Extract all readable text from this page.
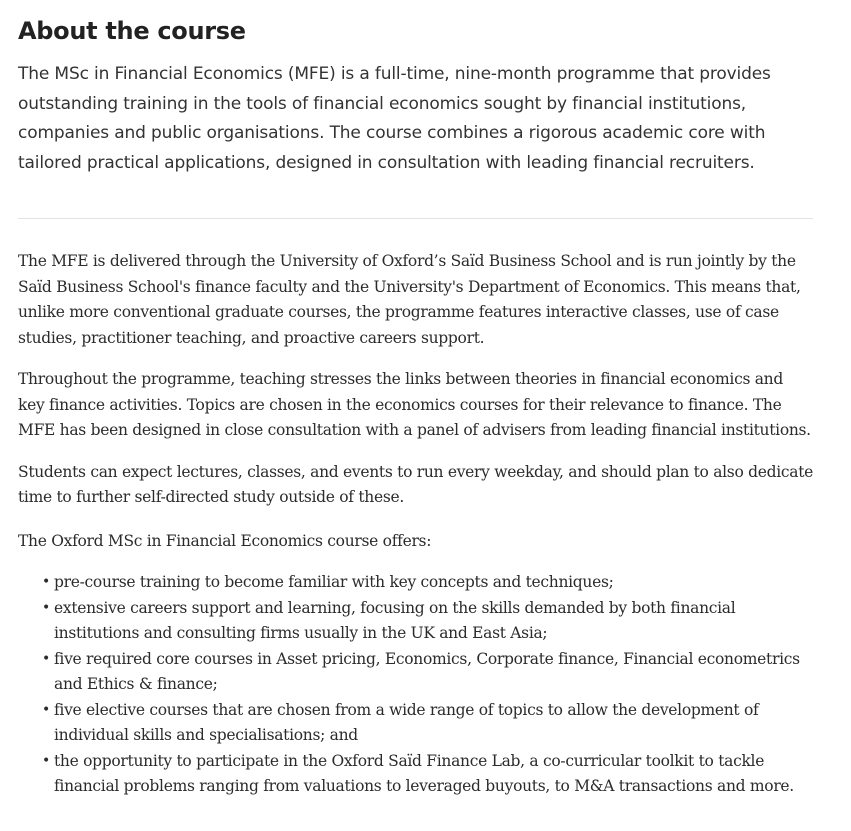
About the course

The MSc in Financial Economics (MFE) is a full-time, nine-month programme that provides outstanding training in the tools of financial economics sought by financial institutions, companies and public organisations. The course combines a rigorous academic core with tailored practical applications, designed in consultation with leading financial recruiters.

The MFE is delivered through the University of Oxford’s Saïd Business School and is run jointly by the Saïd Business School's finance faculty and the University's Department of Economics. This means that, unlike more conventional graduate courses, the programme features interactive classes, use of case studies, practitioner teaching, and proactive careers support.

Throughout the programme, teaching stresses the links between theories in financial economics and key finance activities. Topics are chosen in the economics courses for their relevance to finance. The MFE has been designed in close consultation with a panel of advisers from leading financial institutions.

Students can expect lectures, classes, and events to run every weekday, and should plan to also dedicate time to further self-directed study outside of these.

The Oxford MSc in Financial Economics course offers:

• pre-course training to become familiar with key concepts and techniques;
• extensive careers support and learning, focusing on the skills demanded by both financial institutions and consulting firms usually in the UK and East Asia;
• five required core courses in Asset pricing, Economics, Corporate finance, Financial econometrics and Ethics & finance;
• five elective courses that are chosen from a wide range of topics to allow the development of individual skills and specialisations; and
• the opportunity to participate in the Oxford Saïd Finance Lab, a co-curricular toolkit to tackle financial problems ranging from valuations to leveraged buyouts, to M&A transactions and more.
